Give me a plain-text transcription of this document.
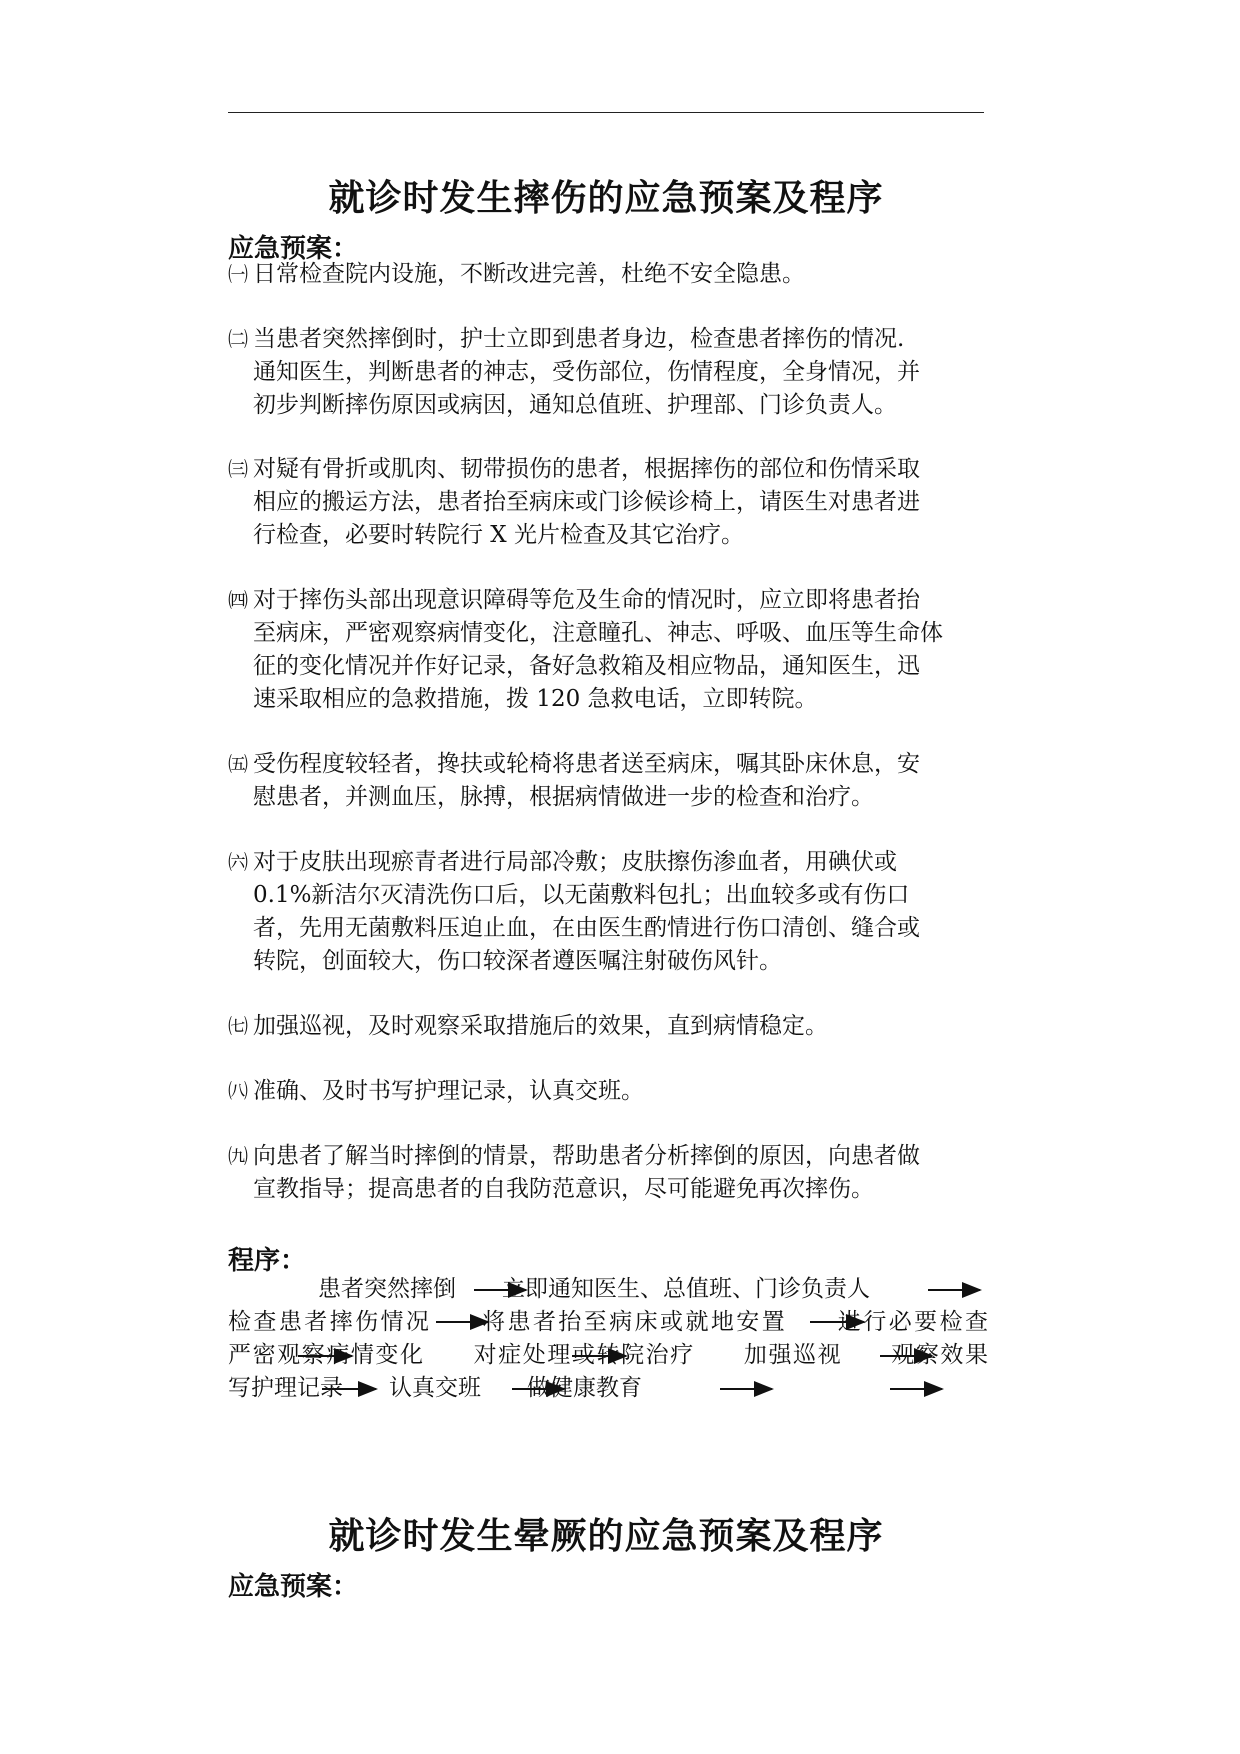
就诊时发生摔伤的应急预案及程序
应急预案：
㈠ 日常检查院内设施，不断改进完善，杜绝不安全隐患。
㈡ 当患者突然摔倒时，护士立即到患者身边，检查患者摔伤的情况.
通知医生，判断患者的神志，受伤部位，伤情程度，全身情况，并
初步判断摔伤原因或病因，通知总值班、护理部、门诊负责人。
㈢ 对疑有骨折或肌肉、韧带损伤的患者，根据摔伤的部位和伤情采取
相应的搬运方法，患者抬至病床或门诊候诊椅上，请医生对患者进
行检查，必要时转院行 X 光片检查及其它治疗。
㈣ 对于摔伤头部出现意识障碍等危及生命的情况时，应立即将患者抬
至病床，严密观察病情变化，注意瞳孔、神志、呼吸、血压等生命体
征的变化情况并作好记录，备好急救箱及相应物品，通知医生，迅
速采取相应的急救措施，拨 120 急救电话，立即转院。
㈤ 受伤程度较轻者，搀扶或轮椅将患者送至病床，嘱其卧床休息，安
慰患者，并测血压，脉搏，根据病情做进一步的检查和治疗。
㈥ 对于皮肤出现瘀青者进行局部冷敷；皮肤擦伤渗血者，用碘伏或
0.1%新洁尔灭清洗伤口后，以无菌敷料包扎；出血较多或有伤口
者，先用无菌敷料压迫止血，在由医生酌情进行伤口清创、缝合或
转院，创面较大，伤口较深者遵医嘱注射破伤风针。
㈦ 加强巡视，及时观察采取措施后的效果，直到病情稳定。
㈧ 准确、及时书写护理记录，认真交班。
㈨ 向患者了解当时摔倒的情景，帮助患者分析摔倒的原因，向患者做
宣教指导；提高患者的自我防范意识，尽可能避免再次摔伤。
程序：
患者突然摔倒　　立即通知医生、总值班、门诊负责人
检查患者摔伤情况　　将患者抬至病床或就地安置　　进行必要检查
严密观察病情变化　　对症处理或转院治疗　　加强巡视　　观察效果
写护理记录　　认真交班　　做健康教育
就诊时发生晕厥的应急预案及程序
应急预案：
